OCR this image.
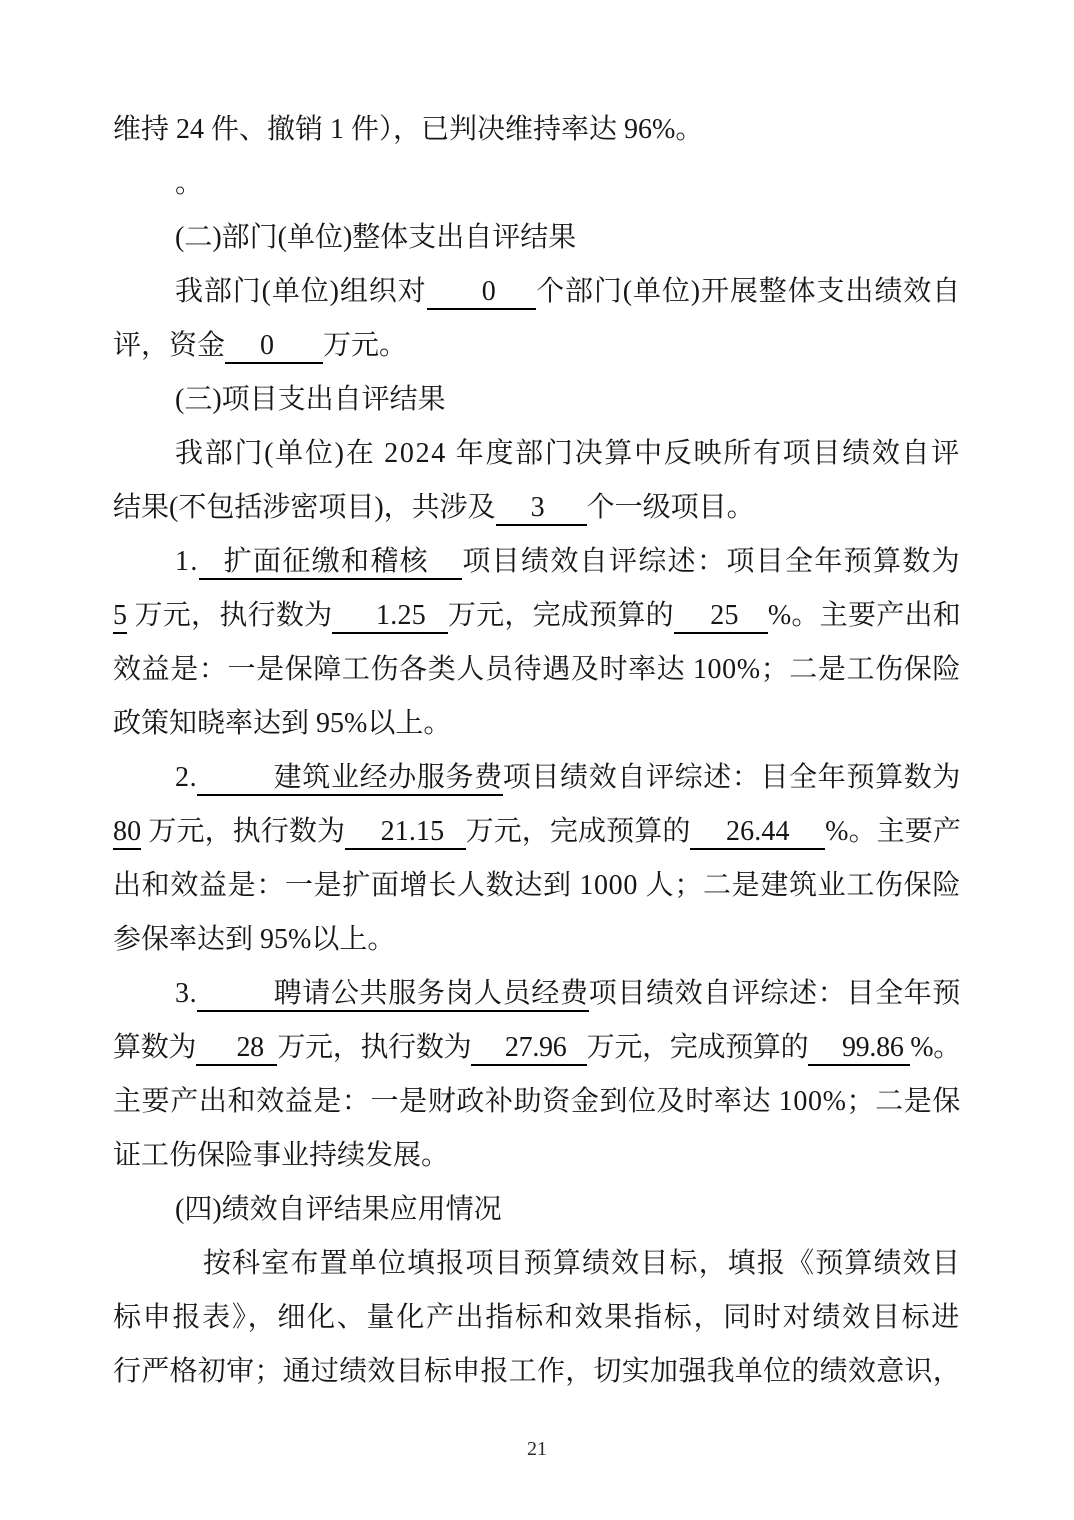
维持 24 件、撤销 1 件），已判决维持率达 96%。
。
(二)部门(单位)整体支出自评结果
我部门(单位)组织对       0     个部门(单位)开展整体支出绩效自
评，资金     0       万元。
(三)项目支出自评结果
我部门(单位)在 2024 年度部门决算中反映所有项目绩效自评
结果(不包括涉密项目)，共涉及     3      个一级项目。
1.   扩面征缴和稽核    项目绩效自评综述：项目全年预算数为
5 万元，执行数为      1.25   万元，完成预算的     25    %。主要产出和
效益是：一是保障工伤各类人员待遇及时率达 100%；二是工伤保险
政策知晓率达到 95%以上。
2.          建筑业经办服务费项目绩效自评综述：目全年预算数为
80 万元，执行数为     21.15   万元，完成预算的     26.44     %。主要产
出和效益是：一是扩面增长人数达到 1000 人；二是建筑业工伤保险
参保率达到 95%以上。
3.          聘请公共服务岗人员经费项目绩效自评综述：目全年预
算数为      28  万元，执行数为     27.96   万元，完成预算的     99.86 %。
主要产出和效益是：一是财政补助资金到位及时率达 100%；二是保
证工伤保险事业持续发展。
(四)绩效自评结果应用情况
按科室布置单位填报项目预算绩效目标，填报《预算绩效目
标申报表》，细化、量化产出指标和效果指标，同时对绩效目标进
行严格初审；通过绩效目标申报工作，切实加强我单位的绩效意识，
21
